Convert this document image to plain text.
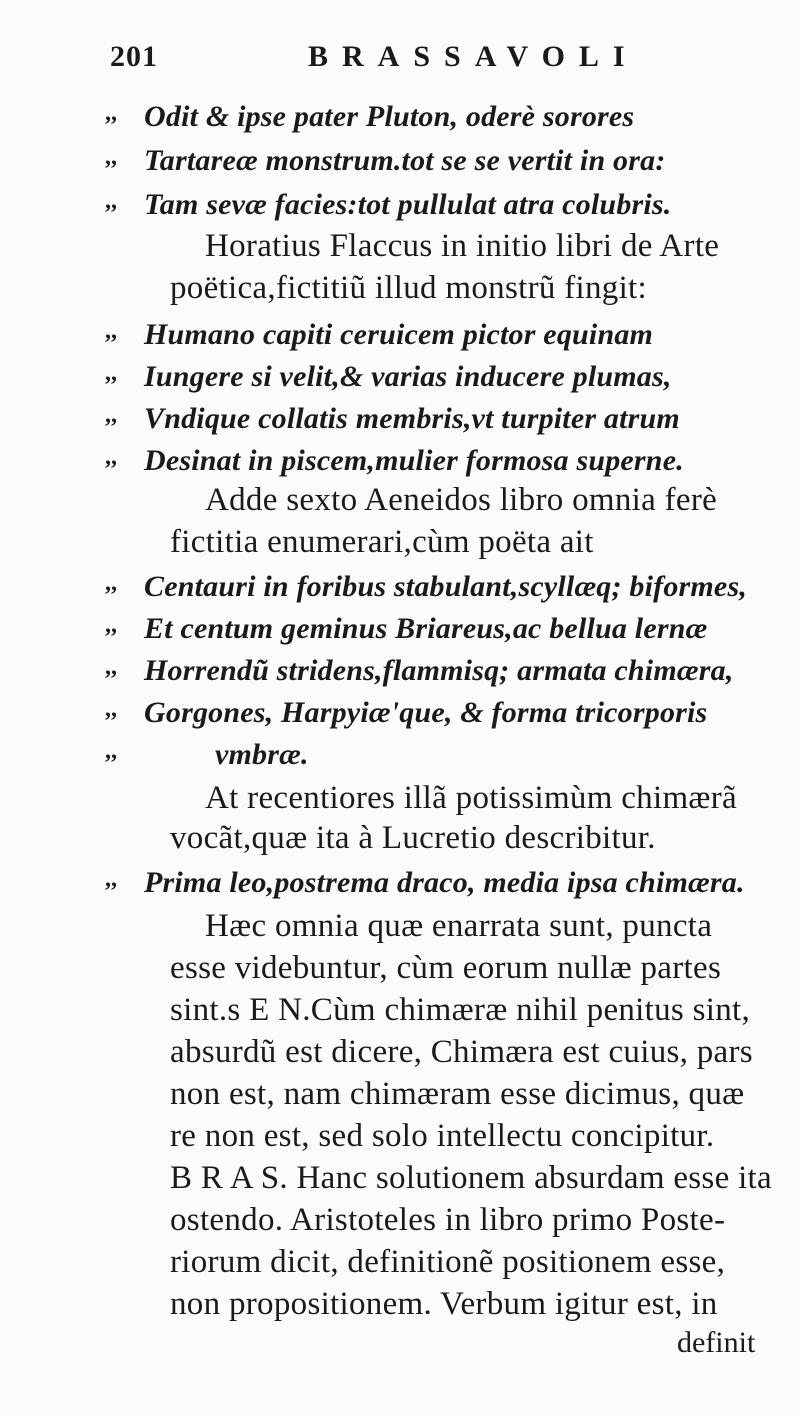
201	BRASSAVOLI
,, Odit & ipse pater Pluton, oderè sorores
,, Tartareæ monstrum.tot se se vertit in ora:
,, Tam sevæ facies:tot pullulat atra colubris.
Horatius Flaccus in initio libri de Arte
poëtica,fictitiũ illud monstrũ fingit:
,, Humano capiti ceruicem pictor equinam
,, Iungere si velit,& varias inducere plumas,
,, Vndique collatis membris,vt turpiter atrum
,, Desinat in piscem,mulier formosa superne.
Adde sexto Aeneidos libro omnia ferè
fictitia enumerari,cùm poëta ait
,, Centauri in foribus stabulant,scyllæq; biformes,
,, Et centum geminus Briareus,ac bellua lernæ
,, Horrendũ stridens,flammisq; armata chimæra,
,, Gorgones, Harpyiæ'que, & forma tricorporis
,,	vmbræ.
At recentiores illã potissimùm chimærã
vocãt,quæ ita à Lucretio describitur.
,, Prima leo,postrema draco, media ipsa chimæra.
Hæc omnia quæ enarrata sunt, puncta
esse videbuntur, cùm eorum nullæ partes
sint.s E N.Cùm chimæræ nihil penitus sint,
absurdũ est dicere, Chimæra est cuius, pars
non est, nam chimæram esse dicimus, quæ
re non est, sed solo intellectu concipitur.
B R A S. Hanc solutionem absurdam esse ita
ostendo. Aristoteles in libro primo Poste-
riorum dicit, definitionẽ positionem esse,
non propositionem. Verbum igitur est, in
definit
